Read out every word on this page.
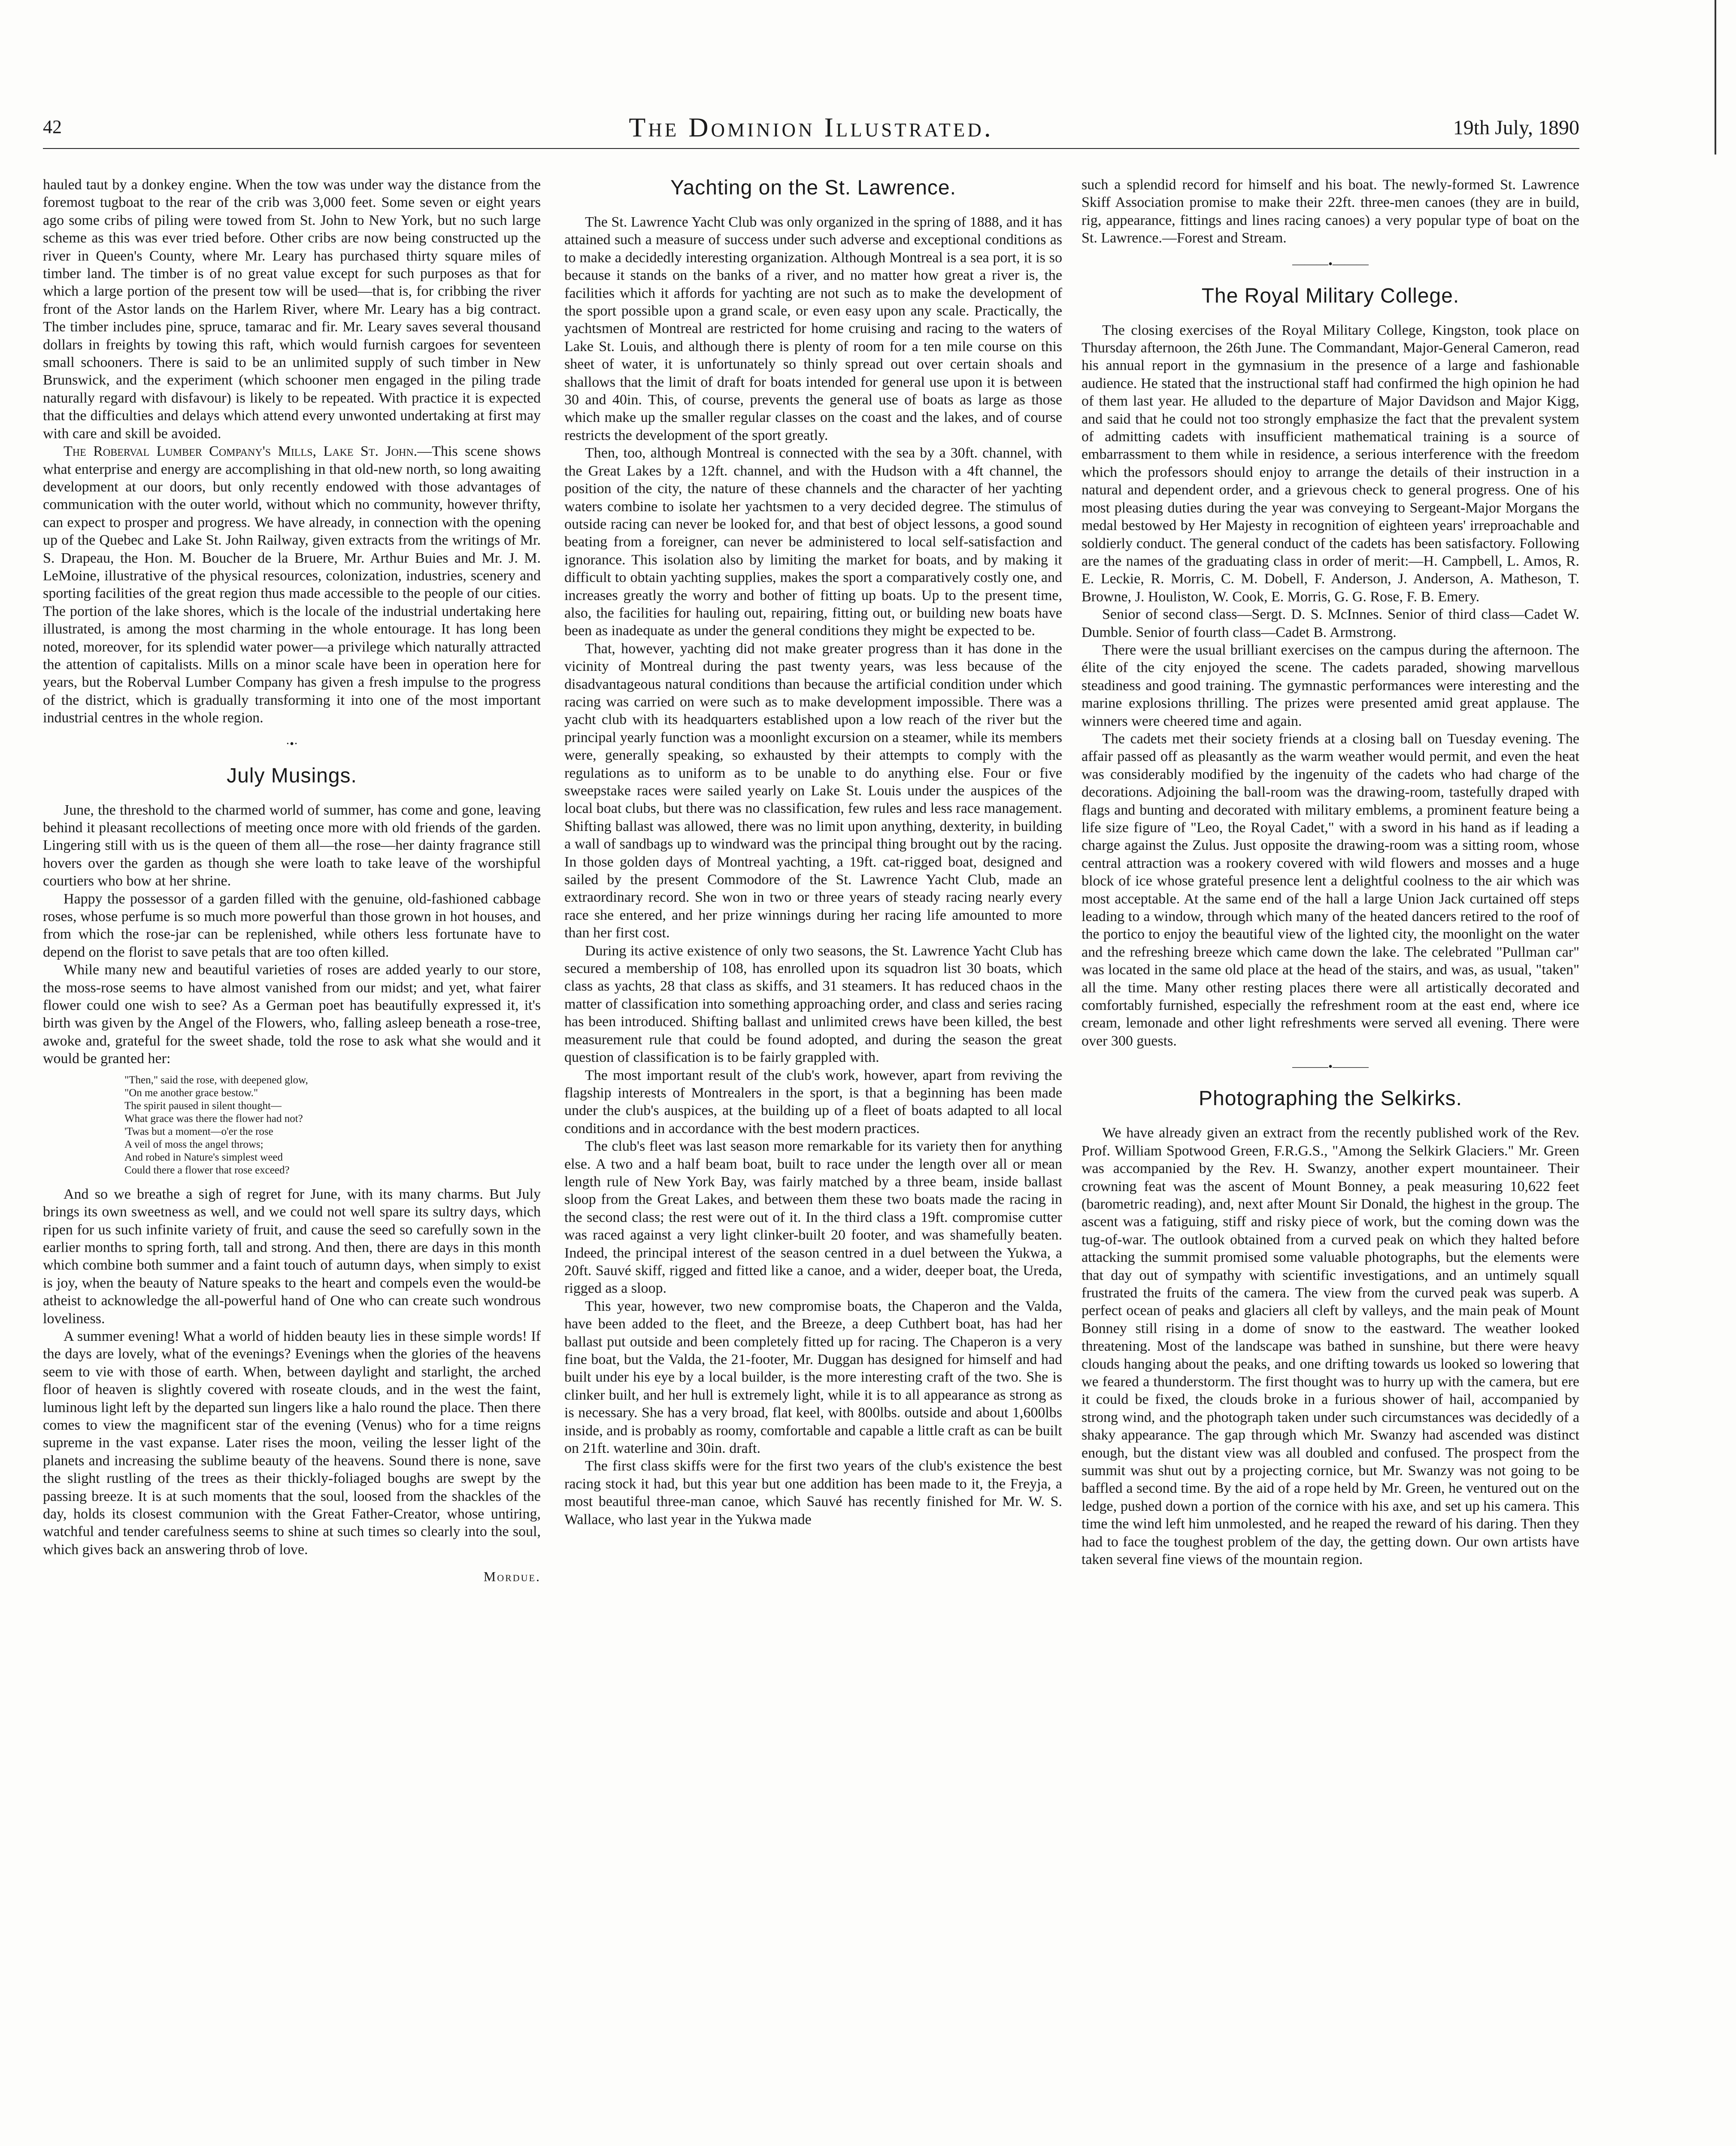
42	The Dominion Illustrated.	19th July, 1890

hauled taut by a donkey engine. When the tow was under way the distance from the foremost tugboat to the rear of the crib was 3,000 feet. Some seven or eight years ago some cribs of piling were towed from St. John to New York, but no such large scheme as this was ever tried before. Other cribs are now being constructed up the river in Queen's County, where Mr. Leary has purchased thirty square miles of timber land. The timber is of no great value except for such purposes as that for which a large portion of the present tow will be used—that is, for cribbing the river front of the Astor lands on the Harlem River, where Mr. Leary has a big contract. The timber includes pine, spruce, tamarac and fir. Mr. Leary saves several thousand dollars in freights by towing this raft, which would furnish cargoes for seventeen small schooners. There is said to be an unlimited supply of such timber in New Brunswick, and the experiment (which schooner men engaged in the piling trade naturally regard with disfavour) is likely to be repeated. With practice it is expected that the difficulties and delays which attend every unwonted undertaking at first may with care and skill be avoided.

The Roberval Lumber Company's Mills, Lake St. John.—This scene shows what enterprise and energy are accomplishing in that old-new north, so long awaiting development at our doors, but only recently endowed with those advantages of communication with the outer world, without which no community, however thrifty, can expect to prosper and progress. We have already, in connection with the opening up of the Quebec and Lake St. John Railway, given extracts from the writings of Mr. S. Drapeau, the Hon. M. Boucher de la Bruere, Mr. Arthur Buies and Mr. J. M. LeMoine, illustrative of the physical resources, colonization, industries, scenery and sporting facilities of the great region thus made accessible to the people of our cities. The portion of the lake shores, which is the locale of the industrial undertaking here illustrated, is among the most charming in the whole entourage. It has long been noted, moreover, for its splendid water power—a privilege which naturally attracted the attention of capitalists. Mills on a minor scale have been in operation here for years, but the Roberval Lumber Company has given a fresh impulse to the progress of the district, which is gradually transforming it into one of the most important industrial centres in the whole region.

·•·
July Musings.

June, the threshold to the charmed world of summer, has come and gone, leaving behind it pleasant recollections of meeting once more with old friends of the garden. Lingering still with us is the queen of them all—the rose—her dainty fragrance still hovers over the garden as though she were loath to take leave of the worshipful courtiers who bow at her shrine.

Happy the possessor of a garden filled with the genuine, old-fashioned cabbage roses, whose perfume is so much more powerful than those grown in hot houses, and from which the rose-jar can be replenished, while others less fortunate have to depend on the florist to save petals that are too often killed.

While many new and beautiful varieties of roses are added yearly to our store, the moss-rose seems to have almost vanished from our midst; and yet, what fairer flower could one wish to see? As a German poet has beautifully expressed it, it's birth was given by the Angel of the Flowers, who, falling asleep beneath a rose-tree, awoke and, grateful for the sweet shade, told the rose to ask what she would and it would be granted her:

"Then," said the rose, with deepened glow,
"On me another grace bestow."
The spirit paused in silent thought—
What grace was there the flower had not?
'Twas but a moment—o'er the rose
A veil of moss the angel throws;
And robed in Nature's simplest weed
Could there a flower that rose exceed?

And so we breathe a sigh of regret for June, with its many charms. But July brings its own sweetness as well, and we could not well spare its sultry days, which ripen for us such infinite variety of fruit, and cause the seed so carefully sown in the earlier months to spring forth, tall and strong. And then, there are days in this month which combine both summer and a faint touch of autumn days, when simply to exist is joy, when the beauty of Nature speaks to the heart and compels even the would-be atheist to acknowledge the all-powerful hand of One who can create such wondrous loveliness.

A summer evening! What a world of hidden beauty lies in these simple words! If the days are lovely, what of the evenings? Evenings when the glories of the heavens seem to vie with those of earth. When, between daylight and starlight, the arched floor of heaven is slightly covered with roseate clouds, and in the west the faint, luminous light left by the departed sun lingers like a halo round the place. Then there comes to view the magnificent star of the evening (Venus) who for a time reigns supreme in the vast expanse. Later rises the moon, veiling the lesser light of the planets and increasing the sublime beauty of the heavens. Sound there is none, save the slight rustling of the trees as their thickly-foliaged boughs are swept by the passing breeze. It is at such moments that the soul, loosed from the shackles of the day, holds its closest communion with the Great Father-Creator, whose untiring, watchful and tender carefulness seems to shine at such times so clearly into the soul, which gives back an answering throb of love.

Mordue.
Yachting on the St. Lawrence.

The St. Lawrence Yacht Club was only organized in the spring of 1888, and it has attained such a measure of success under such adverse and exceptional conditions as to make a decidedly interesting organization. Although Montreal is a sea port, it is so because it stands on the banks of a river, and no matter how great a river is, the facilities which it affords for yachting are not such as to make the development of the sport possible upon a grand scale, or even easy upon any scale. Practically, the yachtsmen of Montreal are restricted for home cruising and racing to the waters of Lake St. Louis, and although there is plenty of room for a ten mile course on this sheet of water, it is unfortunately so thinly spread out over certain shoals and shallows that the limit of draft for boats intended for general use upon it is between 30 and 40in. This, of course, prevents the general use of boats as large as those which make up the smaller regular classes on the coast and the lakes, and of course restricts the development of the sport greatly.

Then, too, although Montreal is connected with the sea by a 30ft. channel, with the Great Lakes by a 12ft. channel, and with the Hudson with a 4ft channel, the position of the city, the nature of these channels and the character of her yachting waters combine to isolate her yachtsmen to a very decided degree. The stimulus of outside racing can never be looked for, and that best of object lessons, a good sound beating from a foreigner, can never be administered to local self-satisfaction and ignorance. This isolation also by limiting the market for boats, and by making it difficult to obtain yachting supplies, makes the sport a comparatively costly one, and increases greatly the worry and bother of fitting up boats. Up to the present time, also, the facilities for hauling out, repairing, fitting out, or building new boats have been as inadequate as under the general conditions they might be expected to be.

That, however, yachting did not make greater progress than it has done in the vicinity of Montreal during the past twenty years, was less because of the disadvantageous natural conditions than because the artificial condition under which racing was carried on were such as to make development impossible. There was a yacht club with its headquarters established upon a low reach of the river but the principal yearly function was a moonlight excursion on a steamer, while its members were, generally speaking, so exhausted by their attempts to comply with the regulations as to uniform as to be unable to do anything else. Four or five sweepstake races were sailed yearly on Lake St. Louis under the auspices of the local boat clubs, but there was no classification, few rules and less race management. Shifting ballast was allowed, there was no limit upon anything, dexterity, in building a wall of sandbags up to windward was the principal thing brought out by the racing. In those golden days of Montreal yachting, a 19ft. cat-rigged boat, designed and sailed by the present Commodore of the St. Lawrence Yacht Club, made an extraordinary record. She won in two or three years of steady racing nearly every race she entered, and her prize winnings during her racing life amounted to more than her first cost.

During its active existence of only two seasons, the St. Lawrence Yacht Club has secured a membership of 108, has enrolled upon its squadron list 30 boats, which class as yachts, 28 that class as skiffs, and 31 steamers. It has reduced chaos in the matter of classification into something approaching order, and class and series racing has been introduced. Shifting ballast and unlimited crews have been killed, the best measurement rule that could be found adopted, and during the season the great question of classification is to be fairly grappled with.

The most important result of the club's work, however, apart from reviving the flagship interests of Montrealers in the sport, is that a beginning has been made under the club's auspices, at the building up of a fleet of boats adapted to all local conditions and in accordance with the best modern practices.

The club's fleet was last season more remarkable for its variety then for anything else. A two and a half beam boat, built to race under the length over all or mean length rule of New York Bay, was fairly matched by a three beam, inside ballast sloop from the Great Lakes, and between them these two boats made the racing in the second class; the rest were out of it. In the third class a 19ft. compromise cutter was raced against a very light clinker-built 20 footer, and was shamefully beaten. Indeed, the principal interest of the season centred in a duel between the Yukwa, a 20ft. Sauvé skiff, rigged and fitted like a canoe, and a wider, deeper boat, the Ureda, rigged as a sloop.

This year, however, two new compromise boats, the Chaperon and the Valda, have been added to the fleet, and the Breeze, a deep Cuthbert boat, has had her ballast put outside and been completely fitted up for racing. The Chaperon is a very fine boat, but the Valda, the 21-footer, Mr. Duggan has designed for himself and had built under his eye by a local builder, is the more interesting craft of the two. She is clinker built, and her hull is extremely light, while it is to all appearance as strong as is necessary. She has a very broad, flat keel, with 800lbs. outside and about 1,600lbs inside, and is probably as roomy, comfortable and capable a little craft as can be built on 21ft. waterline and 30in. draft.

The first class skiffs were for the first two years of the club's existence the best racing stock it had, but this year but one addition has been made to it, the Freyja, a most beautiful three-man canoe, which Sauvé has recently finished for Mr. W. S. Wallace, who last year in the Yukwa made

such a splendid record for himself and his boat. The newly-formed St. Lawrence Skiff Association promise to make their 22ft. three-men canoes (they are in build, rig, appearance, fittings and lines racing canoes) a very popular type of boat on the St. Lawrence.—Forest and Stream.

———•———
The Royal Military College.

The closing exercises of the Royal Military College, Kingston, took place on Thursday afternoon, the 26th June. The Commandant, Major-General Cameron, read his annual report in the gymnasium in the presence of a large and fashionable audience. He stated that the instructional staff had confirmed the high opinion he had of them last year. He alluded to the departure of Major Davidson and Major Kigg, and said that he could not too strongly emphasize the fact that the prevalent system of admitting cadets with insufficient mathematical training is a source of embarrassment to them while in residence, a serious interference with the freedom which the professors should enjoy to arrange the details of their instruction in a natural and dependent order, and a grievous check to general progress. One of his most pleasing duties during the year was conveying to Sergeant-Major Morgans the medal bestowed by Her Majesty in recognition of eighteen years' irreproachable and soldierly conduct. The general conduct of the cadets has been satisfactory. Following are the names of the graduating class in order of merit:—H. Campbell, L. Amos, R. E. Leckie, R. Morris, C. M. Dobell, F. Anderson, J. Anderson, A. Matheson, T. Browne, J. Houliston, W. Cook, E. Morris, G. G. Rose, F. B. Emery.

Senior of second class—Sergt. D. S. McInnes. Senior of third class—Cadet W. Dumble. Senior of fourth class—Cadet B. Armstrong.

There were the usual brilliant exercises on the campus during the afternoon. The élite of the city enjoyed the scene. The cadets paraded, showing marvellous steadiness and good training. The gymnastic performances were interesting and the marine explosions thrilling. The prizes were presented amid great applause. The winners were cheered time and again.

The cadets met their society friends at a closing ball on Tuesday evening. The affair passed off as pleasantly as the warm weather would permit, and even the heat was considerably modified by the ingenuity of the cadets who had charge of the decorations. Adjoining the ball-room was the drawing-room, tastefully draped with flags and bunting and decorated with military emblems, a prominent feature being a life size figure of "Leo, the Royal Cadet," with a sword in his hand as if leading a charge against the Zulus. Just opposite the drawing-room was a sitting room, whose central attraction was a rookery covered with wild flowers and mosses and a huge block of ice whose grateful presence lent a delightful coolness to the air which was most acceptable. At the same end of the hall a large Union Jack curtained off steps leading to a window, through which many of the heated dancers retired to the roof of the portico to enjoy the beautiful view of the lighted city, the moonlight on the water and the refreshing breeze which came down the lake. The celebrated "Pullman car" was located in the same old place at the head of the stairs, and was, as usual, "taken" all the time. Many other resting places there were all artistically decorated and comfortably furnished, especially the refreshment room at the east end, where ice cream, lemonade and other light refreshments were served all evening. There were over 300 guests.

———•———
Photographing the Selkirks.

We have already given an extract from the recently published work of the Rev. Prof. William Spotwood Green, F.R.G.S., "Among the Selkirk Glaciers." Mr. Green was accompanied by the Rev. H. Swanzy, another expert mountaineer. Their crowning feat was the ascent of Mount Bonney, a peak measuring 10,622 feet (barometric reading), and, next after Mount Sir Donald, the highest in the group. The ascent was a fatiguing, stiff and risky piece of work, but the coming down was the tug-of-war. The outlook obtained from a curved peak on which they halted before attacking the summit promised some valuable photographs, but the elements were that day out of sympathy with scientific investigations, and an untimely squall frustrated the fruits of the camera. The view from the curved peak was superb. A perfect ocean of peaks and glaciers all cleft by valleys, and the main peak of Mount Bonney still rising in a dome of snow to the eastward. The weather looked threatening. Most of the landscape was bathed in sunshine, but there were heavy clouds hanging about the peaks, and one drifting towards us looked so lowering that we feared a thunderstorm. The first thought was to hurry up with the camera, but ere it could be fixed, the clouds broke in a furious shower of hail, accompanied by strong wind, and the photograph taken under such circumstances was decidedly of a shaky appearance. The gap through which Mr. Swanzy had ascended was distinct enough, but the distant view was all doubled and confused. The prospect from the summit was shut out by a projecting cornice, but Mr. Swanzy was not going to be baffled a second time. By the aid of a rope held by Mr. Green, he ventured out on the ledge, pushed down a portion of the cornice with his axe, and set up his camera. This time the wind left him unmolested, and he reaped the reward of his daring. Then they had to face the toughest problem of the day, the getting down. Our own artists have taken several fine views of the mountain region.
